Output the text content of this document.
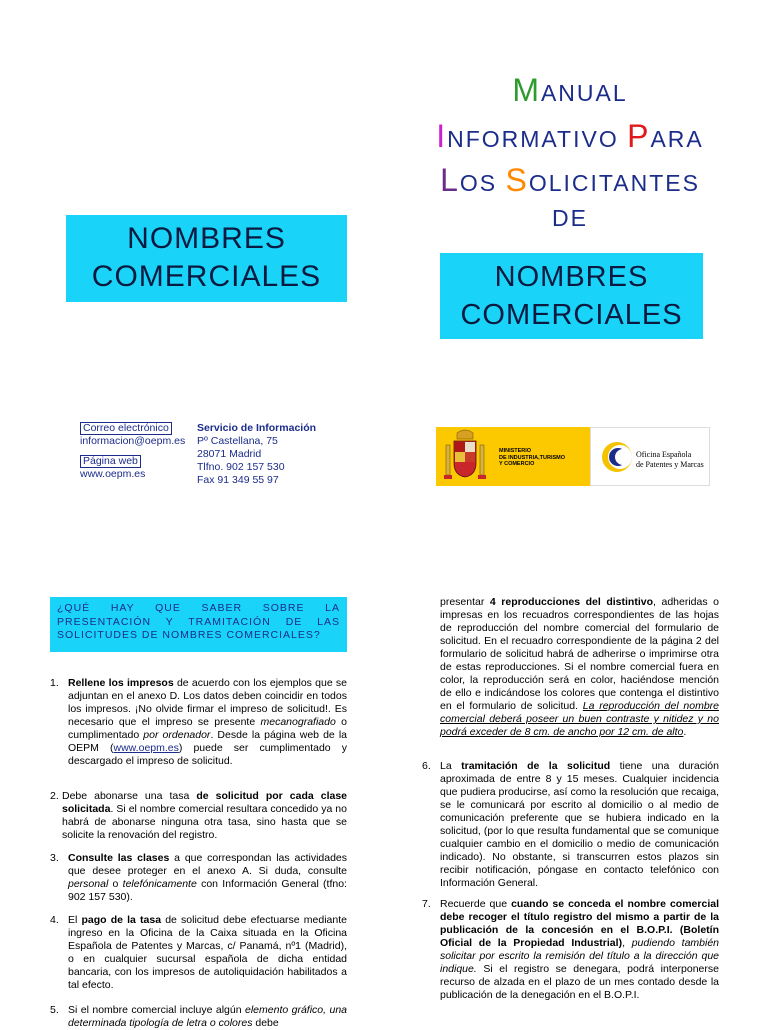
NOMBRES
COMERCIALES
Correo electrónico
informacion@oepm.es

Página web
www.oepm.es
Servicio de Información
Pº Castellana, 75
28071 Madrid
Tlfno. 902 157 530
Fax 91 349 55 97
MANUAL
INFORMATIVO PARA
LOS SOLICITANTES
DE
NOMBRES
COMERCIALES
MINISTERIO
DE INDUSTRIA,TURISMO
Y COMERCIO
Oficina Española
de Patentes y Marcas
¿QUÉ HAY QUE SABER SOBRE LA PRESENTACIÓN Y TRAMITACIÓN DE LAS SOLICITUDES DE NOMBRES COMERCIALES?
1. Rellene los impresos de acuerdo con los ejemplos que se adjuntan en el anexo D. Los datos deben coincidir en todos los impresos. ¡No olvide firmar el impreso de solicitud!. Es necesario que el impreso se presente mecanografiado o cumplimentado por ordenador. Desde la página web de la OEPM (www.oepm.es) puede ser cumplimentado y descargado el impreso de solicitud.
2. Debe abonarse una tasa de solicitud por cada clase solicitada. Si el nombre comercial resultara concedido ya no habrá de abonarse ninguna otra tasa, sino hasta que se solicite la renovación del registro.
3. Consulte las clases a que correspondan las actividades que desee proteger en el anexo A. Si duda, consulte personal o telefónicamente con Información General (tfno: 902 157 530).
4. El pago de la tasa de solicitud debe efectuarse mediante ingreso en la Oficina de la Caixa situada en la Oficina Española de Patentes y Marcas, c/ Panamá, nº1 (Madrid), o en cualquier sucursal española de dicha entidad bancaria, con los impresos de autoliquidación habilitados a tal efecto.
5. Si el nombre comercial incluye algún elemento gráfico, una determinada tipología de letra o colores debe
presentar 4 reproducciones del distintivo, adheridas o impresas en los recuadros correspondientes de las hojas de reproducción del nombre comercial del formulario de solicitud. En el recuadro correspondiente de la página 2 del formulario de solicitud habrá de adherirse o imprimirse otra de estas reproducciones. Si el nombre comercial fuera en color, la reproducción será en color, haciéndose mención de ello e indicándose los colores que contenga el distintivo en el formulario de solicitud. La reproducción del nombre comercial deberá poseer un buen contraste y nitidez y no podrá exceder de 8 cm. de ancho por 12 cm. de alto.
6. La tramitación de la solicitud tiene una duración aproximada de entre 8 y 15 meses. Cualquier incidencia que pudiera producirse, así como la resolución que recaiga, se le comunicará por escrito al domicilio o al medio de comunicación preferente que se hubiera indicado en la solicitud, (por lo que resulta fundamental que se comunique cualquier cambio en el domicilio o medio de comunicación indicado). No obstante, si transcurren estos plazos sin recibir notificación, póngase en contacto telefónico con Información General.
7. Recuerde que cuando se conceda el nombre comercial debe recoger el título registro del mismo a partir de la publicación de la concesión en el B.O.P.I. (Boletín Oficial de la Propiedad Industrial), pudiendo también solicitar por escrito la remisión del título a la dirección que indique. Si el registro se denegara, podrá interponerse recurso de alzada en el plazo de un mes contado desde la publicación de la denegación en el B.O.P.I.
